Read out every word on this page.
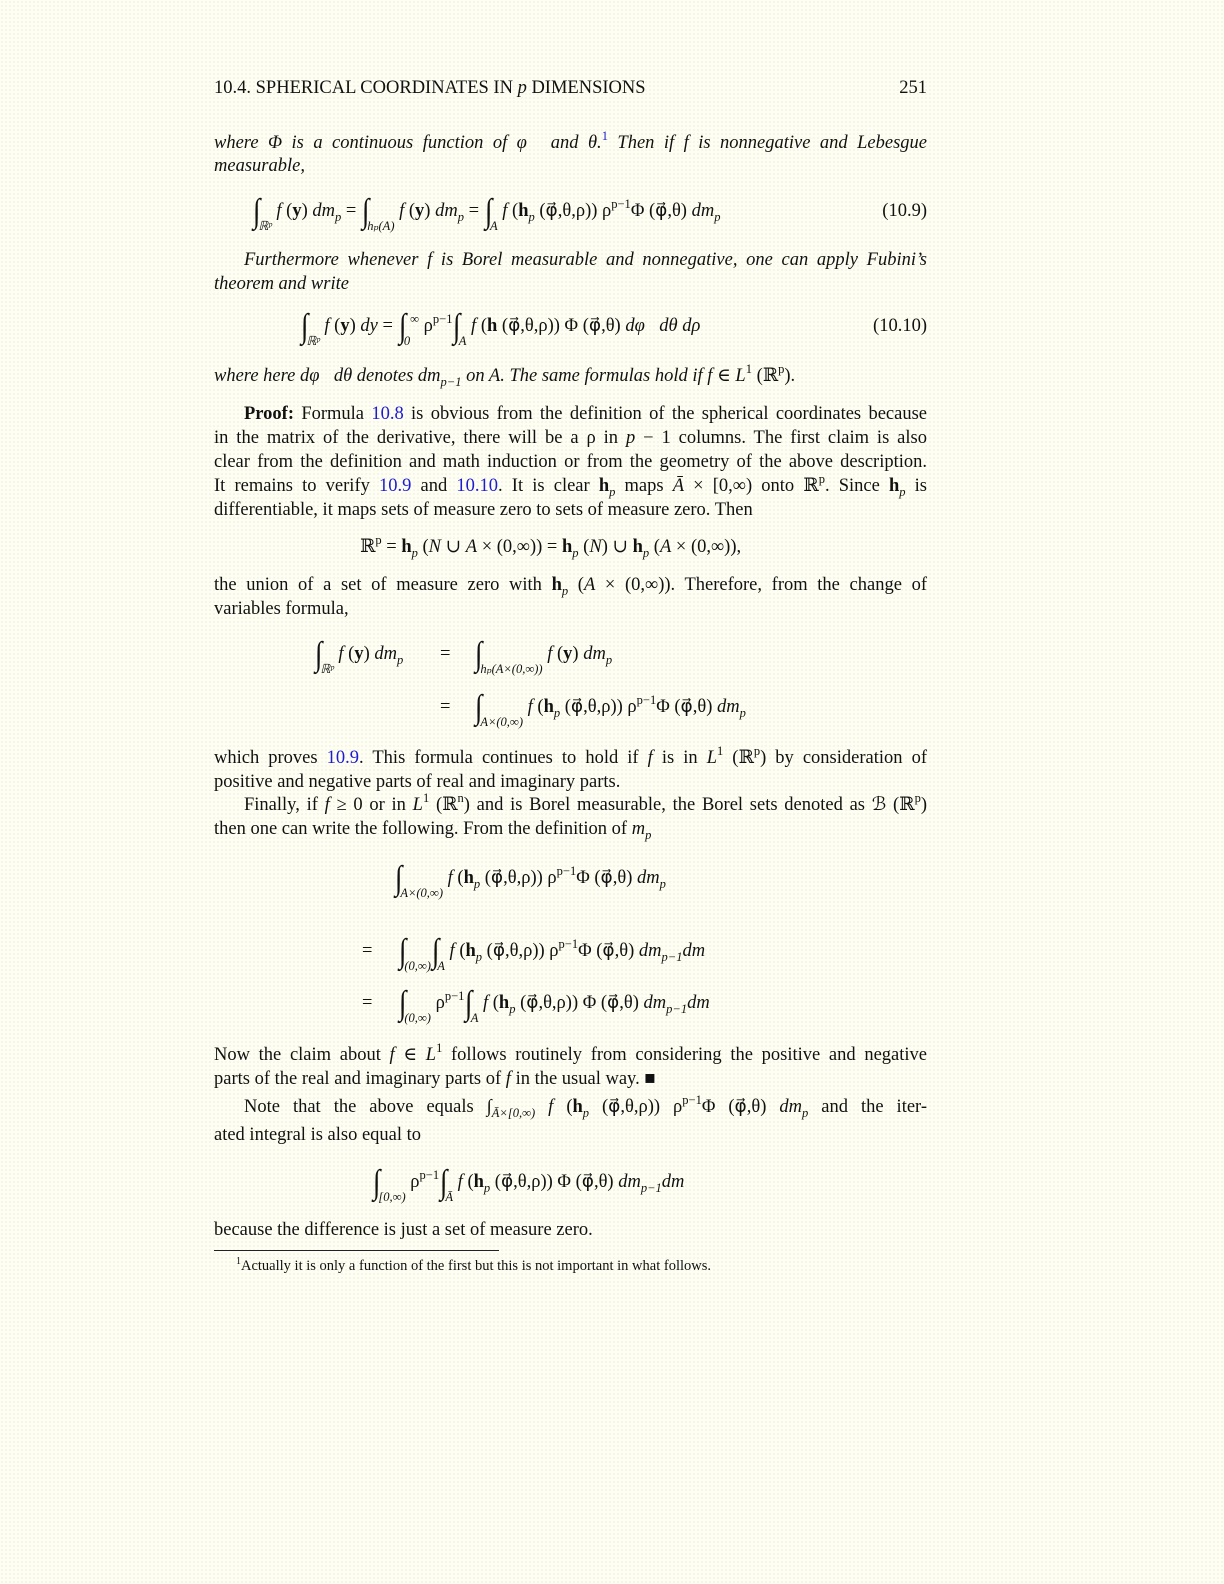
10.4. SPHERICAL COORDINATES IN p DIMENSIONS	251
where Φ is a continuous function of φ⃗ and θ.$^1$ Then if f is nonnegative and Lebesgue
measurable,
$\int_{ℝᵖ}$ f (y) $dm_p = \int_{h_p(A)}$ f (y) $dm_p = \int_A$ f ($h_p$ (φ⃗,θ,ρ)) $\rho^{p-1}\Phi$ (φ⃗,θ) $dm_p$	(10.9)
Furthermore whenever f is Borel measurable and nonnegative, one can apply Fubini’s
theorem and write
$\int_{ℝᵖ}$ f (y) dy = $\int_0^\infty$ $\rho^{p-1}\int_A$ f (h (φ⃗,θ,ρ)) Φ (φ⃗,θ) dφ⃗dθ dρ	(10.10)
where here dφ⃗dθ denotes $dm_{p-1}$ on A. The same formulas hold if f ∈ $L^1$ (ℝ$^p$).
Proof: Formula 10.8 is obvious from the definition of the spherical coordinates because
in the matrix of the derivative, there will be a ρ in p − 1 columns. The first claim is also
clear from the definition and math induction or from the geometry of the above description.
It remains to verify 10.9 and 10.10. It is clear $h_p$ maps Ā × [0,∞) onto ℝ$^p$. Since $h_p$ is
differentiable, it maps sets of measure zero to sets of measure zero. Then
ℝ$^p$ = $h_p$ (N ∪ $A \times (0,\infty)) = h_p$ (N) ∪ $h_p$ (A × (0,∞)),
the union of a set of measure zero with $h_p$ (A × (0,∞)). Therefore, from the change of
variables formula,
$\int_{ℝᵖ}$ f (y) $dm_p = \int_{h_p(A\times(0,\infty))}$ f (y) $dm_p$
= $\int_{A\times(0,\infty)}$ f ($h_p$ (φ⃗,θ,ρ)) $\rho^{p-1}\Phi$ (φ⃗,θ) $dm_p$
which proves 10.9. This formula continues to hold if f is in $L^1$ (ℝ$^p$) by consideration of
positive and negative parts of real and imaginary parts.
Finally, if f ≥ 0 or in $L^1$ (ℝ$^n$) and is Borel measurable, the Borel sets denoted as ℬ (ℝ$^p$)
then one can write the following. From the definition of $m_p$
$\int_{A\times(0,\infty)}$ f ($h_p$ (φ⃗,θ,ρ)) $\rho^{p-1}\Phi$ (φ⃗,θ) $dm_p$
= $\int_{(0,\infty)}\int_A$ f ($h_p$ (φ⃗,θ,ρ)) $\rho^{p-1}\Phi$ (φ⃗,θ) $dm_{p-1}dm$
= $\int_{(0,\infty)}$ $\rho^{p-1}\int_A$ f ($h_p$ (φ⃗,θ,ρ)) Φ (φ⃗,θ) $dm_{p-1}dm$
Now the claim about f ∈ $L^1$ follows routinely from considering the positive and negative
parts of the real and imaginary parts of f in the usual way. ■
Note that the above equals $\int_{Ā\times[0,\infty)}$ f ($h_p$ (φ⃗,θ,ρ)) $\rho^{p-1}\Phi$ (φ⃗,θ) $dm_p$ and the iter-
ated integral is also equal to
$\int_{[0,\infty)}$ $\rho^{p-1}\int_Ā$ f ($h_p$ (φ⃗,θ,ρ)) Φ (φ⃗,θ) $dm_{p-1}dm$
because the difference is just a set of measure zero.
$^1$Actually it is only a function of the first but this is not important in what follows.
